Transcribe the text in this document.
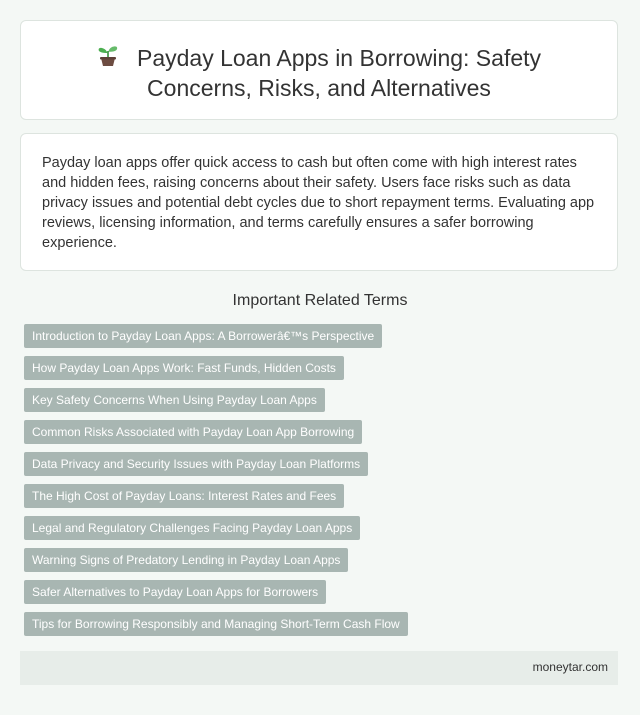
Payday Loan Apps in Borrowing: Safety
Concerns, Risks, and Alternatives

Payday loan apps offer quick access to cash but often come with high interest rates and hidden fees, raising concerns about their safety. Users face risks such as data privacy issues and potential debt cycles due to short repayment terms. Evaluating app reviews, licensing information, and terms carefully ensures a safer borrowing experience.

Important Related Terms
Introduction to Payday Loan Apps: A Borrowerâ€™s Perspective
How Payday Loan Apps Work: Fast Funds, Hidden Costs
Key Safety Concerns When Using Payday Loan Apps
Common Risks Associated with Payday Loan App Borrowing
Data Privacy and Security Issues with Payday Loan Platforms
The High Cost of Payday Loans: Interest Rates and Fees
Legal and Regulatory Challenges Facing Payday Loan Apps
Warning Signs of Predatory Lending in Payday Loan Apps
Safer Alternatives to Payday Loan Apps for Borrowers
Tips for Borrowing Responsibly and Managing Short-Term Cash Flow
moneytar.com
